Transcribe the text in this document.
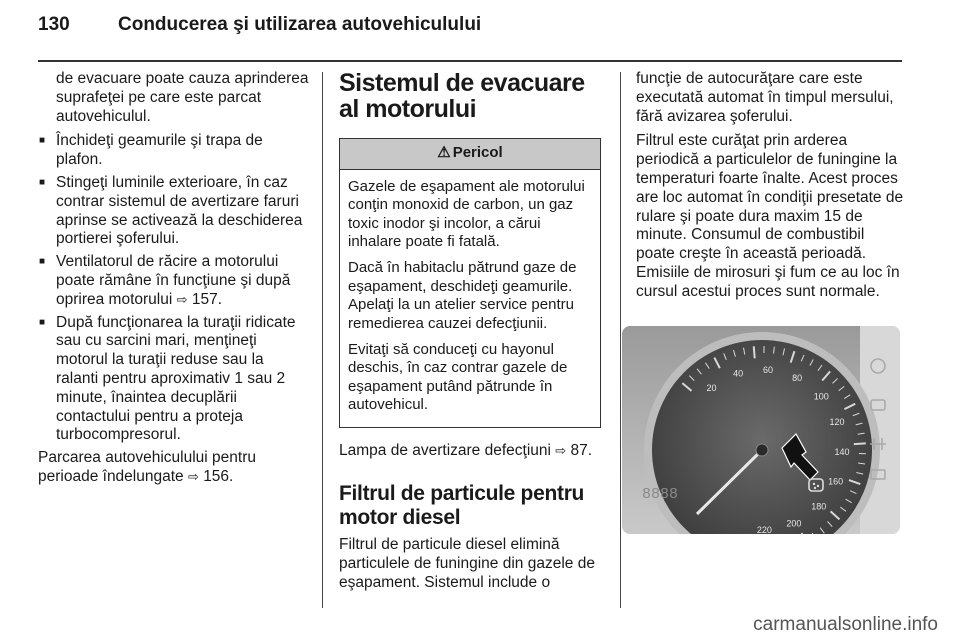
130	Conducerea şi utilizarea autovehiculului

de evacuare poate cauza aprinderea suprafeţei pe care este parcat autovehiculul.

■ Închideţi geamurile şi trapa de plafon.
■ Stingeţi luminile exterioare, în caz contrar sistemul de avertizare faruri aprinse se activează la deschiderea portierei şoferului.
■ Ventilatorul de răcire a motorului poate rămâne în funcţiune şi după oprirea motorului ⇨ 157.
■ După funcţionarea la turaţii ridicate sau cu sarcini mari, menţineţi motorul la turaţii reduse sau la ralanti pentru aproximativ 1 sau 2 minute, înaintea decuplării contactului pentru a proteja turbocompresorul.

Parcarea autovehiculului pentru perioade îndelungate ⇨ 156.

Sistemul de evacuare al motorului
⚠ Pericol

Gazele de eşapament ale motorului conţin monoxid de carbon, un gaz toxic inodor şi incolor, a cărui inhalare poate fi fatală.

Dacă în habitaclu pătrund gaze de eşapament, deschideţi geamurile. Apelaţi la un atelier service pentru remedierea cauzei defecţiunii.

Evitaţi să conduceţi cu hayonul deschis, în caz contrar gazele de eşapament putând pătrunde în autovehicul.

Lampa de avertizare defecţiuni ⇨ 87.

Filtrul de particule pentru motor diesel

Filtrul de particule diesel elimină particulele de funingine din gazele de eşapament. Sistemul include o

funcţie de autocurăţare care este executată automat în timpul mersului, fără avizarea şoferului.

Filtrul este curăţat prin arderea periodică a particulelor de funingine la temperaturi foarte înalte. Acest proces are loc automat în condiţii presetate de rulare şi poate dura maxim 15 de minute. Consumul de combustibil poate creşte în această perioadă. Emisiile de mirosuri şi fum ce au loc în cursul acestui proces sunt normale.

20
40 60
80
100
120
140
160
180
200
220
8888
carmanualsonline.info
